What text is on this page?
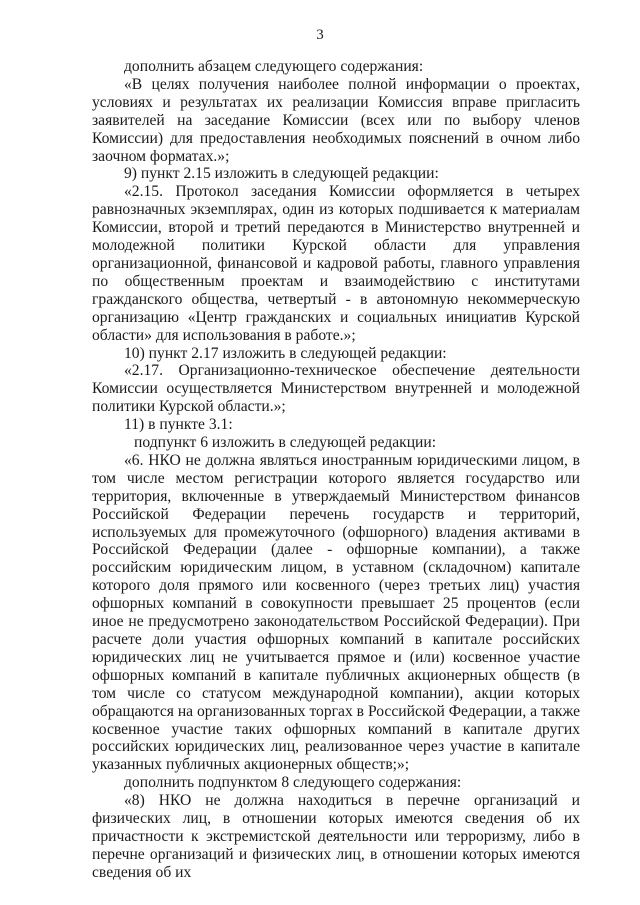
3

дополнить абзацем следующего содержания:

«В целях получения наиболее полной информации о проектах, условиях и результатах их реализации Комиссия вправе пригласить заявителей на заседание Комиссии (всех или по выбору членов Комиссии) для предоставления необходимых пояснений в очном либо заочном форматах.»;

9) пункт 2.15 изложить в следующей редакции:

«2.15. Протокол заседания Комиссии оформляется в четырех равнозначных экземплярах, один из которых подшивается к материалам Комиссии, второй и третий передаются в Министерство внутренней и молодежной политики Курской области для управления организационной, финансовой и кадровой работы, главного управления по общественным проектам и взаимодействию с институтами гражданского общества, четвертый - в автономную некоммерческую организацию «Центр гражданских и социальных инициатив Курской области» для использования в работе.»;

10) пункт 2.17 изложить в следующей редакции:

«2.17. Организационно-техническое обеспечение деятельности Комиссии осуществляется Министерством внутренней и молодежной политики Курской области.»;

11) в пункте 3.1:

подпункт 6 изложить в следующей редакции:

«6. НКО не должна являться иностранным юридическими лицом, в том числе местом регистрации которого является государство или территория, включенные в утверждаемый Министерством финансов Российской Федерации перечень государств и территорий, используемых для промежуточного (офшорного) владения активами в Российской Федерации (далее - офшорные компании), а также российским юридическим лицом, в уставном (складочном) капитале которого доля прямого или косвенного (через третьих лиц) участия офшорных компаний в совокупности превышает 25 процентов (если иное не предусмотрено законодательством Российской Федерации). При расчете доли участия офшорных компаний в капитале российских юридических лиц не учитывается прямое и (или) косвенное участие офшорных компаний в капитале публичных акционерных обществ (в том числе со статусом международной компании), акции которых обращаются на организованных торгах в Российской Федерации, а также косвенное участие таких офшорных компаний в капитале других российских юридических лиц, реализованное через участие в капитале указанных публичных акционерных обществ;»;

дополнить подпунктом 8 следующего содержания:

«8) НКО не должна находиться в перечне организаций и физических лиц, в отношении которых имеются сведения об их причастности к экстремистской деятельности или терроризму, либо в перечне организаций и физических лиц, в отношении которых имеются сведения об их
